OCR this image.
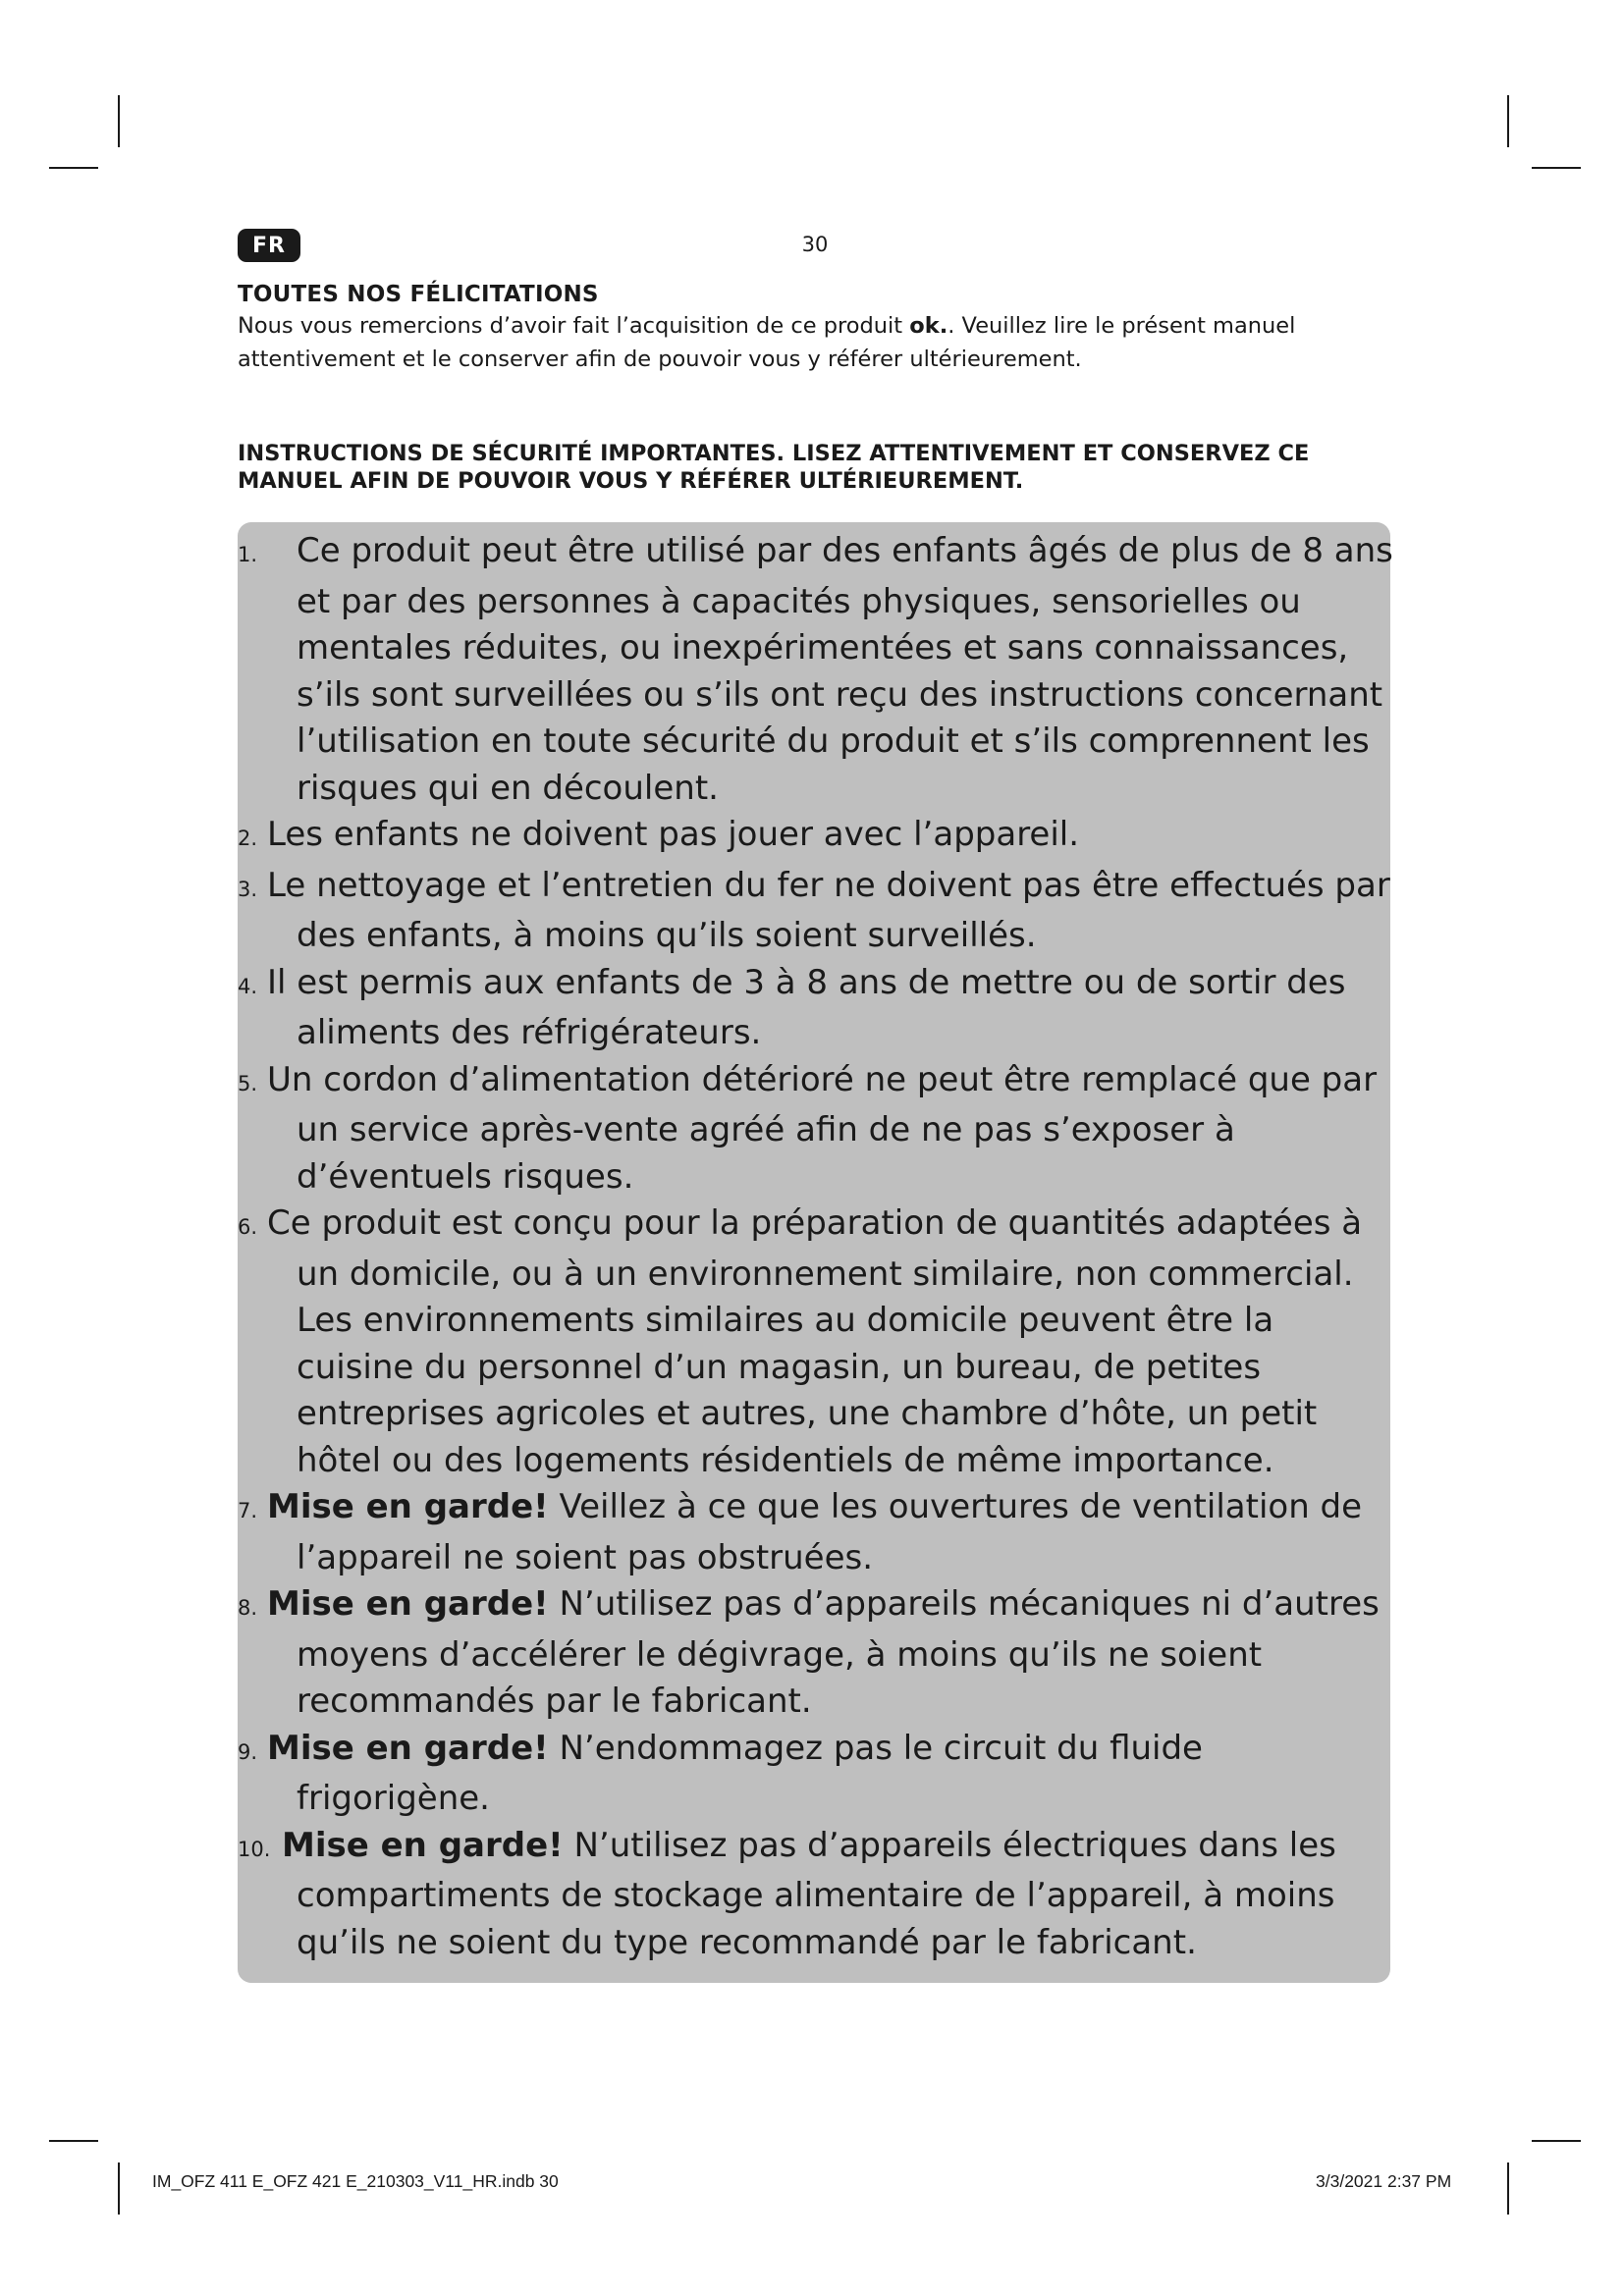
FR	30
TOUTES NOS FÉLICITATIONS
Nous vous remercions d’avoir fait l’acquisition de ce produit ok.. Veuillez lire le présent manuel attentivement et le conserver afin de pouvoir vous y référer ultérieurement.
INSTRUCTIONS DE SÉCURITÉ IMPORTANTES. LISEZ ATTENTIVEMENT ET CONSERVEZ CE MANUEL AFIN DE POUVOIR VOUS Y RÉFÉRER ULTÉRIEUREMENT.
1. Ce produit peut être utilisé par des enfants âgés de plus de 8 ans et par des personnes à capacités physiques, sensorielles ou mentales réduites, ou inexpérimentées et sans connaissances, s’ils sont surveillées ou s’ils ont reçu des instructions concernant l’utilisation en toute sécurité du produit et s’ils comprennent les risques qui en découlent.
2. Les enfants ne doivent pas jouer avec l’appareil.
3. Le nettoyage et l’entretien du fer ne doivent pas être effectués par des enfants, à moins qu’ils soient surveillés.
4. Il est permis aux enfants de 3 à 8 ans de mettre ou de sortir des aliments des réfrigérateurs.
5. Un cordon d’alimentation détérioré ne peut être remplacé que par un service après-vente agréé afin de ne pas s’exposer à d’éventuels risques.
6. Ce produit est conçu pour la préparation de quantités adaptées à un domicile, ou à un environnement similaire, non commercial. Les environnements similaires au domicile peuvent être la cuisine du personnel d’un magasin, un bureau, de petites entreprises agricoles et autres, une chambre d’hôte, un petit hôtel ou des logements résidentiels de même importance.
7. Mise en garde! Veillez à ce que les ouvertures de ventilation de l’appareil ne soient pas obstruées.
8. Mise en garde! N’utilisez pas d’appareils mécaniques ni d’autres moyens d’accélérer le dégivrage, à moins qu’ils ne soient recommandés par le fabricant.
9. Mise en garde! N’endommagez pas le circuit du fluide frigorigène.
10. Mise en garde! N’utilisez pas d’appareils électriques dans les compartiments de stockage alimentaire de l’appareil, à moins qu’ils ne soient du type recommandé par le fabricant.
IM_OFZ 411 E_OFZ 421 E_210303_V11_HR.indb 30	3/3/2021 2:37 PM
